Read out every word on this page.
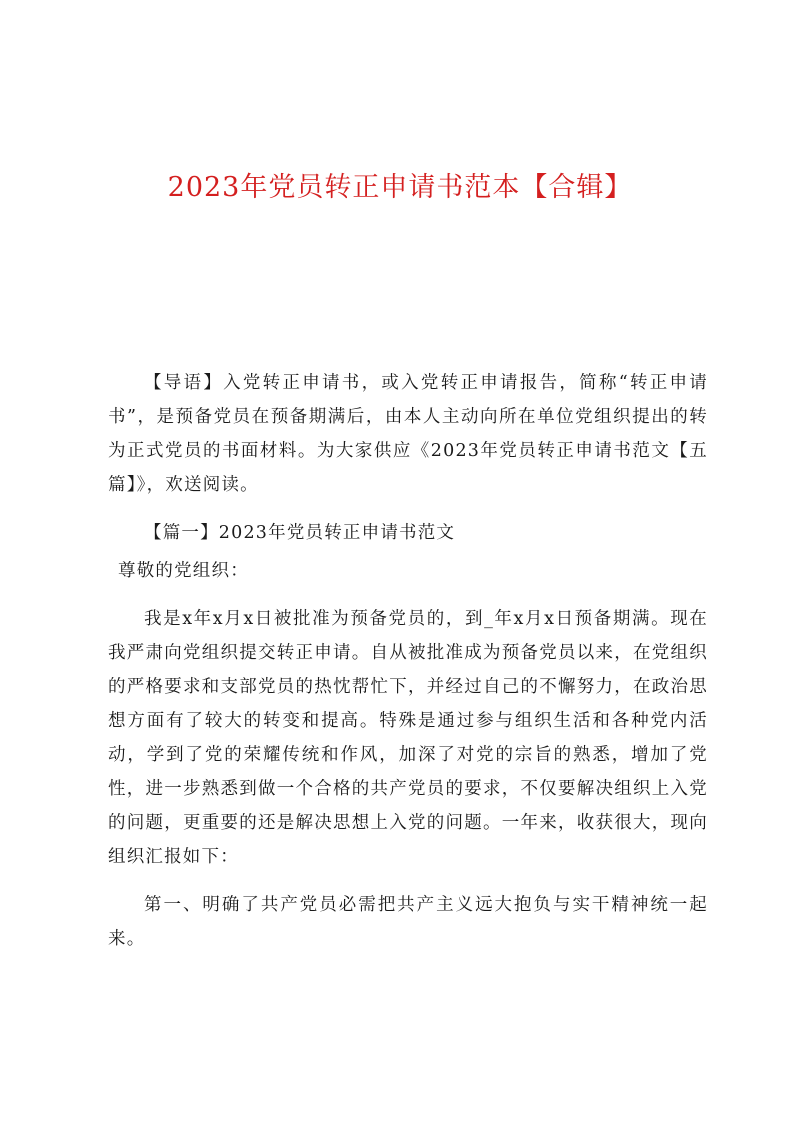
2023年党员转正申请书范本【合辑】

【导语】入党转正申请书，或入党转正申请报告，简称“转正申请书”，是预备党员在预备期满后，由本人主动向所在单位党组织提出的转为正式党员的书面材料。为大家供应《2023年党员转正申请书范文【五篇】》，欢送阅读。

【篇一】2023年党员转正申请书范文

尊敬的党组织：

我是x年x月x日被批准为预备党员的，到_年x月x日预备期满。现在我严肃向党组织提交转正申请。自从被批准成为预备党员以来，在党组织的严格要求和支部党员的热忱帮忙下，并经过自己的不懈努力，在政治思想方面有了较大的转变和提高。特殊是通过参与组织生活和各种党内活动，学到了党的荣耀传统和作风，加深了对党的宗旨的熟悉，增加了党性，进一步熟悉到做一个合格的共产党员的要求，不仅要解决组织上入党的问题，更重要的还是解决思想上入党的问题。一年来，收获很大，现向组织汇报如下：

第一、明确了共产党员必需把共产主义远大抱负与实干精神统一起来。
